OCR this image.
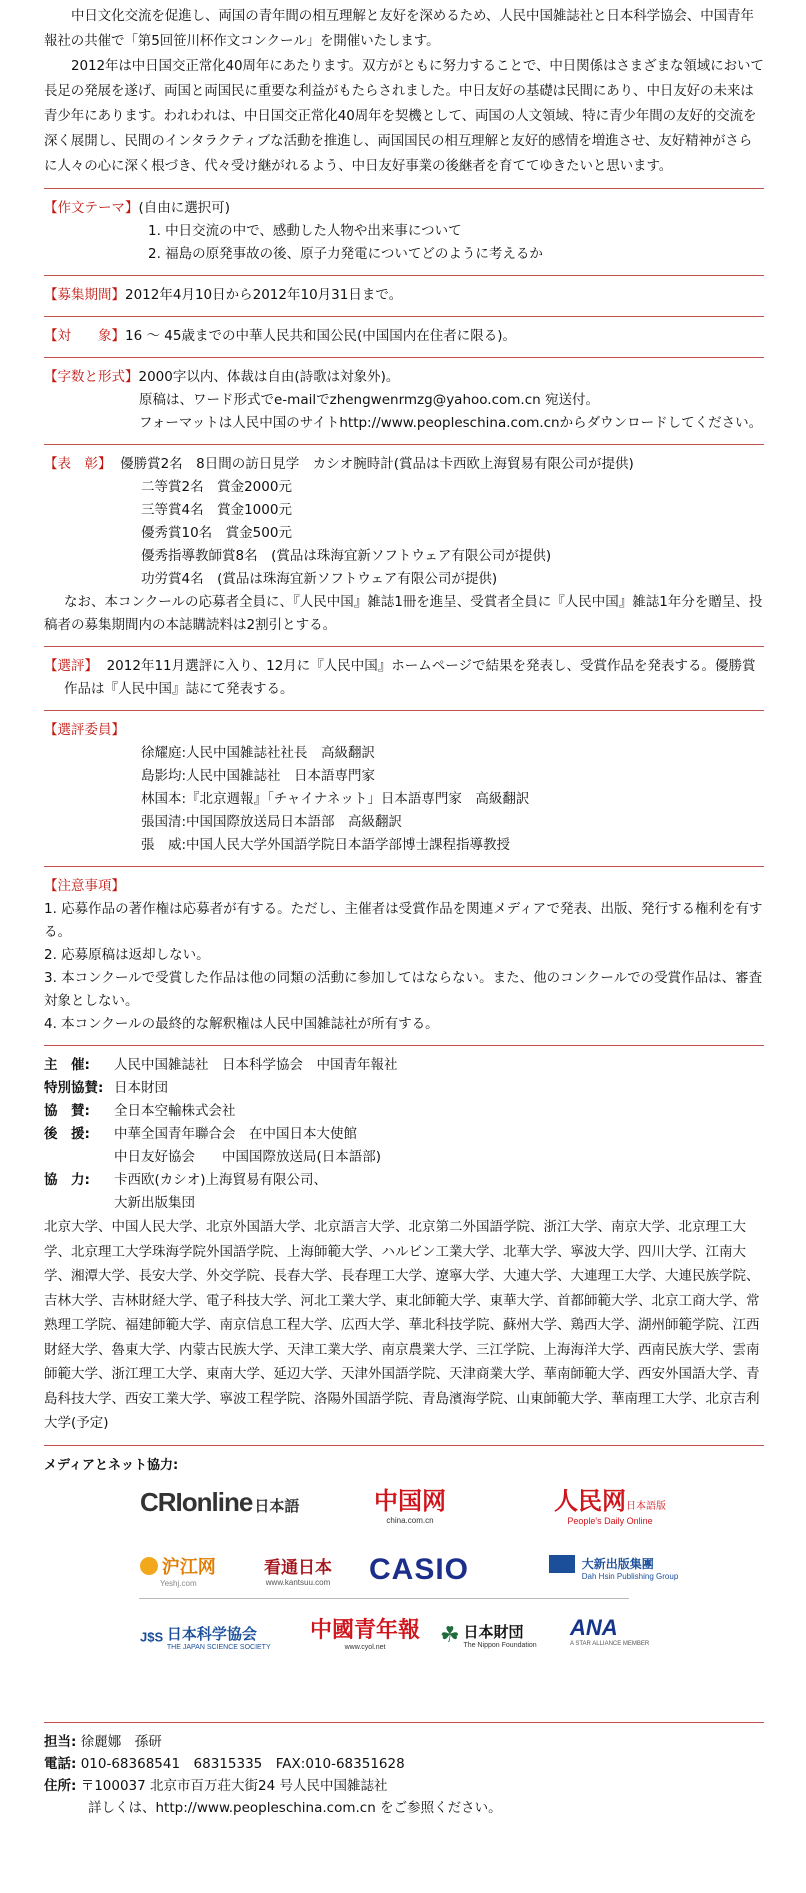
中日文化交流を促進し、両国の青年間の相互理解と友好を深めるため、人民中国雑誌社と日本科学協会、中国青年報社の共催で「第5回笹川杯作文コンクール」を開催いたします。

2012年は中日国交正常化40周年にあたります。双方がともに努力することで、中日関係はさまざまな領域において長足の発展を遂げ、両国と両国民に重要な利益がもたらされました。中日友好の基礎は民間にあり、中日友好の未来は青少年にあります。われわれは、中日国交正常化40周年を契機として、両国の人文領域、特に青少年間の友好的交流を深く展開し、民間のインタラクティブな活動を推進し、両国国民の相互理解と友好的感情を増進させ、友好精神がさらに人々の心に深く根づき、代々受け継がれるよう、中日友好事業の後継者を育ててゆきたいと思います。

【作文テーマ】(自由に選択可)

1. 中日交流の中で、感動した人物や出来事について

2. 福島の原発事故の後、原子力発電についてどのように考えるか

【募集期間】2012年4月10日から2012年10月31日まで。

【対　　象】16 ～ 45歳までの中華人民共和国公民(中国国内在住者に限る)。

【字数と形式】2000字以内、体裁は自由(詩歌は対象外)。

原稿は、ワード形式でe-mailでzhengwenrmzg@yahoo.com.cn 宛送付。

フォーマットは人民中国のサイトhttp://www.peopleschina.com.cnからダウンロードしてください。

【表　彰】 優勝賞2名　8日間の訪日見学　カシオ腕時計(賞品は卡西欧上海貿易有限公司が提供)

二等賞2名　賞金2000元

三等賞4名　賞金1000元

優秀賞10名　賞金500元

優秀指導教師賞8名　(賞品は珠海宜新ソフトウェア有限公司が提供)

功労賞4名　(賞品は珠海宜新ソフトウェア有限公司が提供)

なお、本コンクールの応募者全員に、『人民中国』雑誌1冊を進呈、受賞者全員に『人民中国』雑誌1年分を贈呈、投稿者の募集期間内の本誌購読料は2割引とする。

【選評】 2012年11月選評に入り、12月に『人民中国』ホームページで結果を発表し、受賞作品を発表する。優勝賞作品は『人民中国』誌にて発表する。

【選評委員】

徐耀庭:人民中国雑誌社社長　高級翻訳

島影均:人民中国雑誌社　日本語専門家

林国本:『北京週報』「チャイナネット」日本語専門家　高級翻訳

張国清:中国国際放送局日本語部　高級翻訳

張　威:中国人民大学外国語学院日本語学部博士課程指導教授

【注意事項】

1. 応募作品の著作権は応募者が有する。ただし、主催者は受賞作品を関連メディアで発表、出版、発行する権利を有する。

2. 応募原稿は返却しない。

3. 本コンクールで受賞した作品は他の同類の活動に参加してはならない。また、他のコンクールでの受賞作品は、審査対象としない。

4. 本コンクールの最終的な解釈権は人民中国雑誌社が所有する。

主　催:	人民中国雑誌社　日本科学協会　中国青年報社
特別協賛: 日本財団
協　賛:	全日本空輸株式会社
後　援:	中華全国青年聯合会　在中国日本大使館
中日友好協会　　中国国際放送局(日本語部)
協　力:	卡西欧(カシオ)上海貿易有限公司、
大新出版集団

北京大学、中国人民大学、北京外国語大学、北京語言大学、北京第二外国語学院、浙江大学、南京大学、北京理工大学、北京理工大学珠海学院外国語学院、上海師範大学、ハルビン工業大学、北華大学、寧波大学、四川大学、江南大学、湘潭大学、長安大学、外交学院、長春大学、長春理工大学、遼寧大学、大連大学、大連理工大学、大連民族学院、吉林大学、吉林財経大学、電子科技大学、河北工業大学、東北師範大学、東華大学、首都師範大学、北京工商大学、常熟理工学院、福建師範大学、南京信息工程大学、広西大学、華北科技学院、蘇州大学、鶏西大学、湖州師範学院、江西財経大学、魯東大学、内蒙古民族大学、天津工業大学、南京農業大学、三江学院、上海海洋大学、西南民族大学、雲南師範大学、浙江理工大学、東南大学、延辺大学、天津外国語学院、天津商業大学、華南師範大学、西安外国語大学、青島科技大学、西安工業大学、寧波工程学院、洛陽外国語学院、青島濱海学院、山東師範大学、華南理工大学、北京吉利大学(予定)

メディアとネット協力:

CRIonline 日本語	中国网
china.com.cn
人民网日本語版
People's Daily Online
沪江网
Yeshj.com
看通日本
www.kantsuu.com CASIO
	大新出版集團
Dah Hsin Publishing Group
J$S 日本科学協会
THE JAPAN SCIENCE SOCIETY
中國青年報
www.cyol.net
☘ 日本財団
The Nippon Foundation
ANA
A STAR ALLIANCE MEMBER

担当: 徐麗娜　孫研

電話: 010-68368541　68315335　FAX:010-68351628

住所: 〒100037 北京市百万荘大街24 号人民中国雑誌社

詳しくは、http://www.peopleschina.com.cn をご参照ください。
